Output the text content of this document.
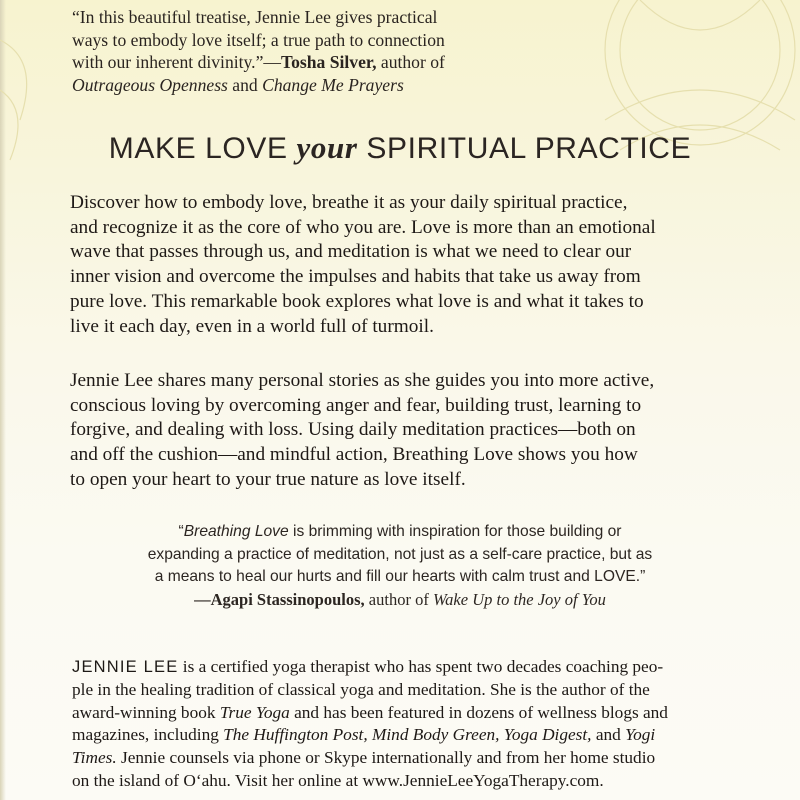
“In this beautiful treatise, Jennie Lee gives practical
ways to embody love itself; a true path to connection
with our inherent divinity.”—Tosha Silver, author of
Outrageous Openness and Change Me Prayers
MAKE LOVE your SPIRITUAL PRACTICE
Discover how to embody love, breathe it as your daily spiritual practice,
and recognize it as the core of who you are. Love is more than an emotional
wave that passes through us, and meditation is what we need to clear our
inner vision and overcome the impulses and habits that take us away from
pure love. This remarkable book explores what love is and what it takes to
live it each day, even in a world full of turmoil.
Jennie Lee shares many personal stories as she guides you into more active,
conscious loving by overcoming anger and fear, building trust, learning to
forgive, and dealing with loss. Using daily meditation practices—both on
and off the cushion—and mindful action, Breathing Love shows you how
to open your heart to your true nature as love itself.
“Breathing Love is brimming with inspiration for those building or
expanding a practice of meditation, not just as a self-care practice, but as
a means to heal our hurts and fill our hearts with calm trust and LOVE.”
—Agapi Stassinopoulos, author of Wake Up to the Joy of You
JENNIE LEE is a certified yoga therapist who has spent two decades coaching peo-
ple in the healing tradition of classical yoga and meditation. She is the author of the
award-winning book True Yoga and has been featured in dozens of wellness blogs and
magazines, including The Huffington Post, Mind Body Green, Yoga Digest, and Yogi
Times. Jennie counsels via phone or Skype internationally and from her home studio
on the island of O‘ahu. Visit her online at www.JennieLeeYogaTherapy.com.
